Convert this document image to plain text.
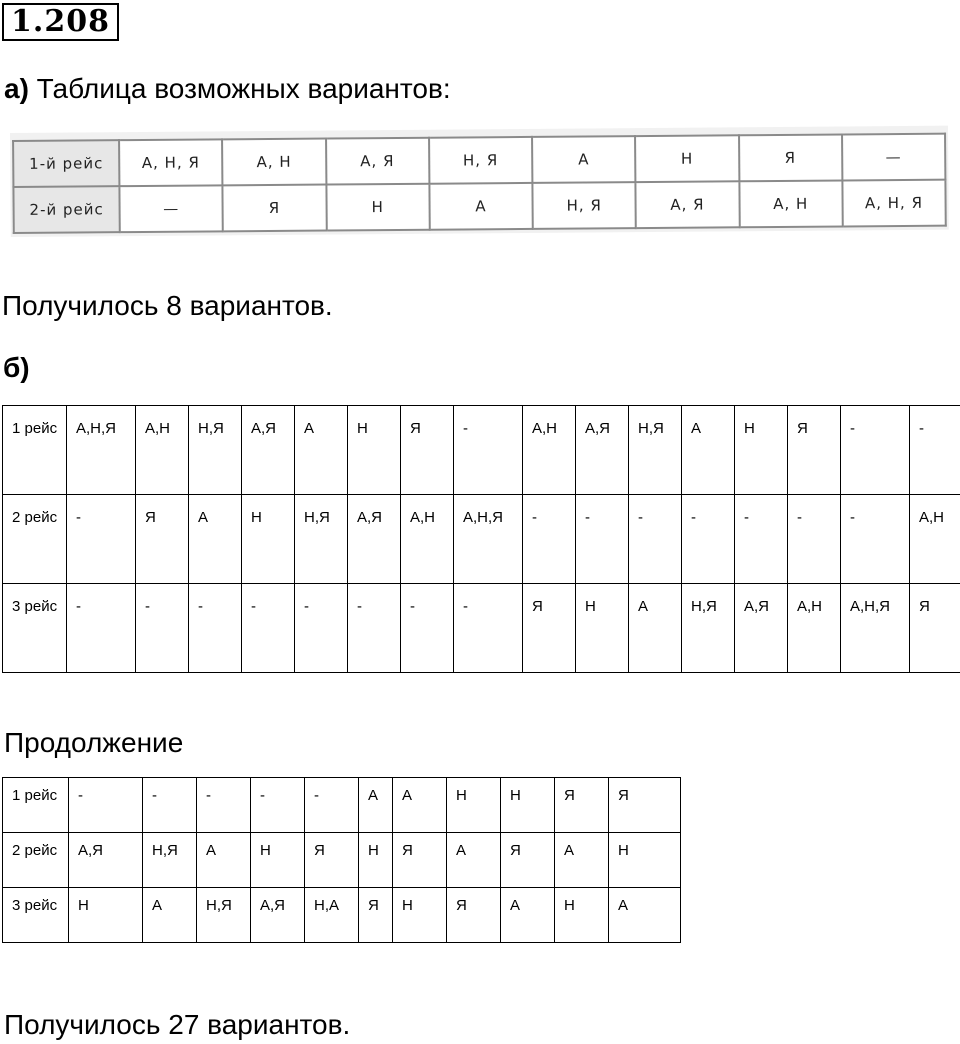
1.208
а) Таблица возможных вариантов:
1-й рейс	А, Н, Я	А, Н	А, Я	Н, Я	А	Н	Я	—
2-й рейс	—	Я	Н	А	Н, Я	А, Я	А, Н	А, Н, Я
Получилось 8 вариантов.
б)
1 рейс	А,Н,Я	А,Н	Н,Я	А,Я	А	Н	Я	-	А,Н	А,Я	Н,Я	А	Н	Я	-	-
2 рейс	-	Я	А	Н	Н,Я	А,Я	А,Н	А,Н,Я	-	-	-	-	-	-	-	А,Н
3 рейс	-	-	-	-	-	-	-	-	Я	Н	А	Н,Я	А,Я	А,Н	А,Н,Я	Я
Продолжение
1 рейс	-	-	-	-	-	А	А	Н	Н	Я	Я
2 рейс	А,Я	Н,Я	А	Н	Я	Н	Я	А	Я	А	Н
3 рейс	Н	А	Н,Я	А,Я	Н,А	Я	Н	Я	А	Н	А
Получилось 27 вариантов.
